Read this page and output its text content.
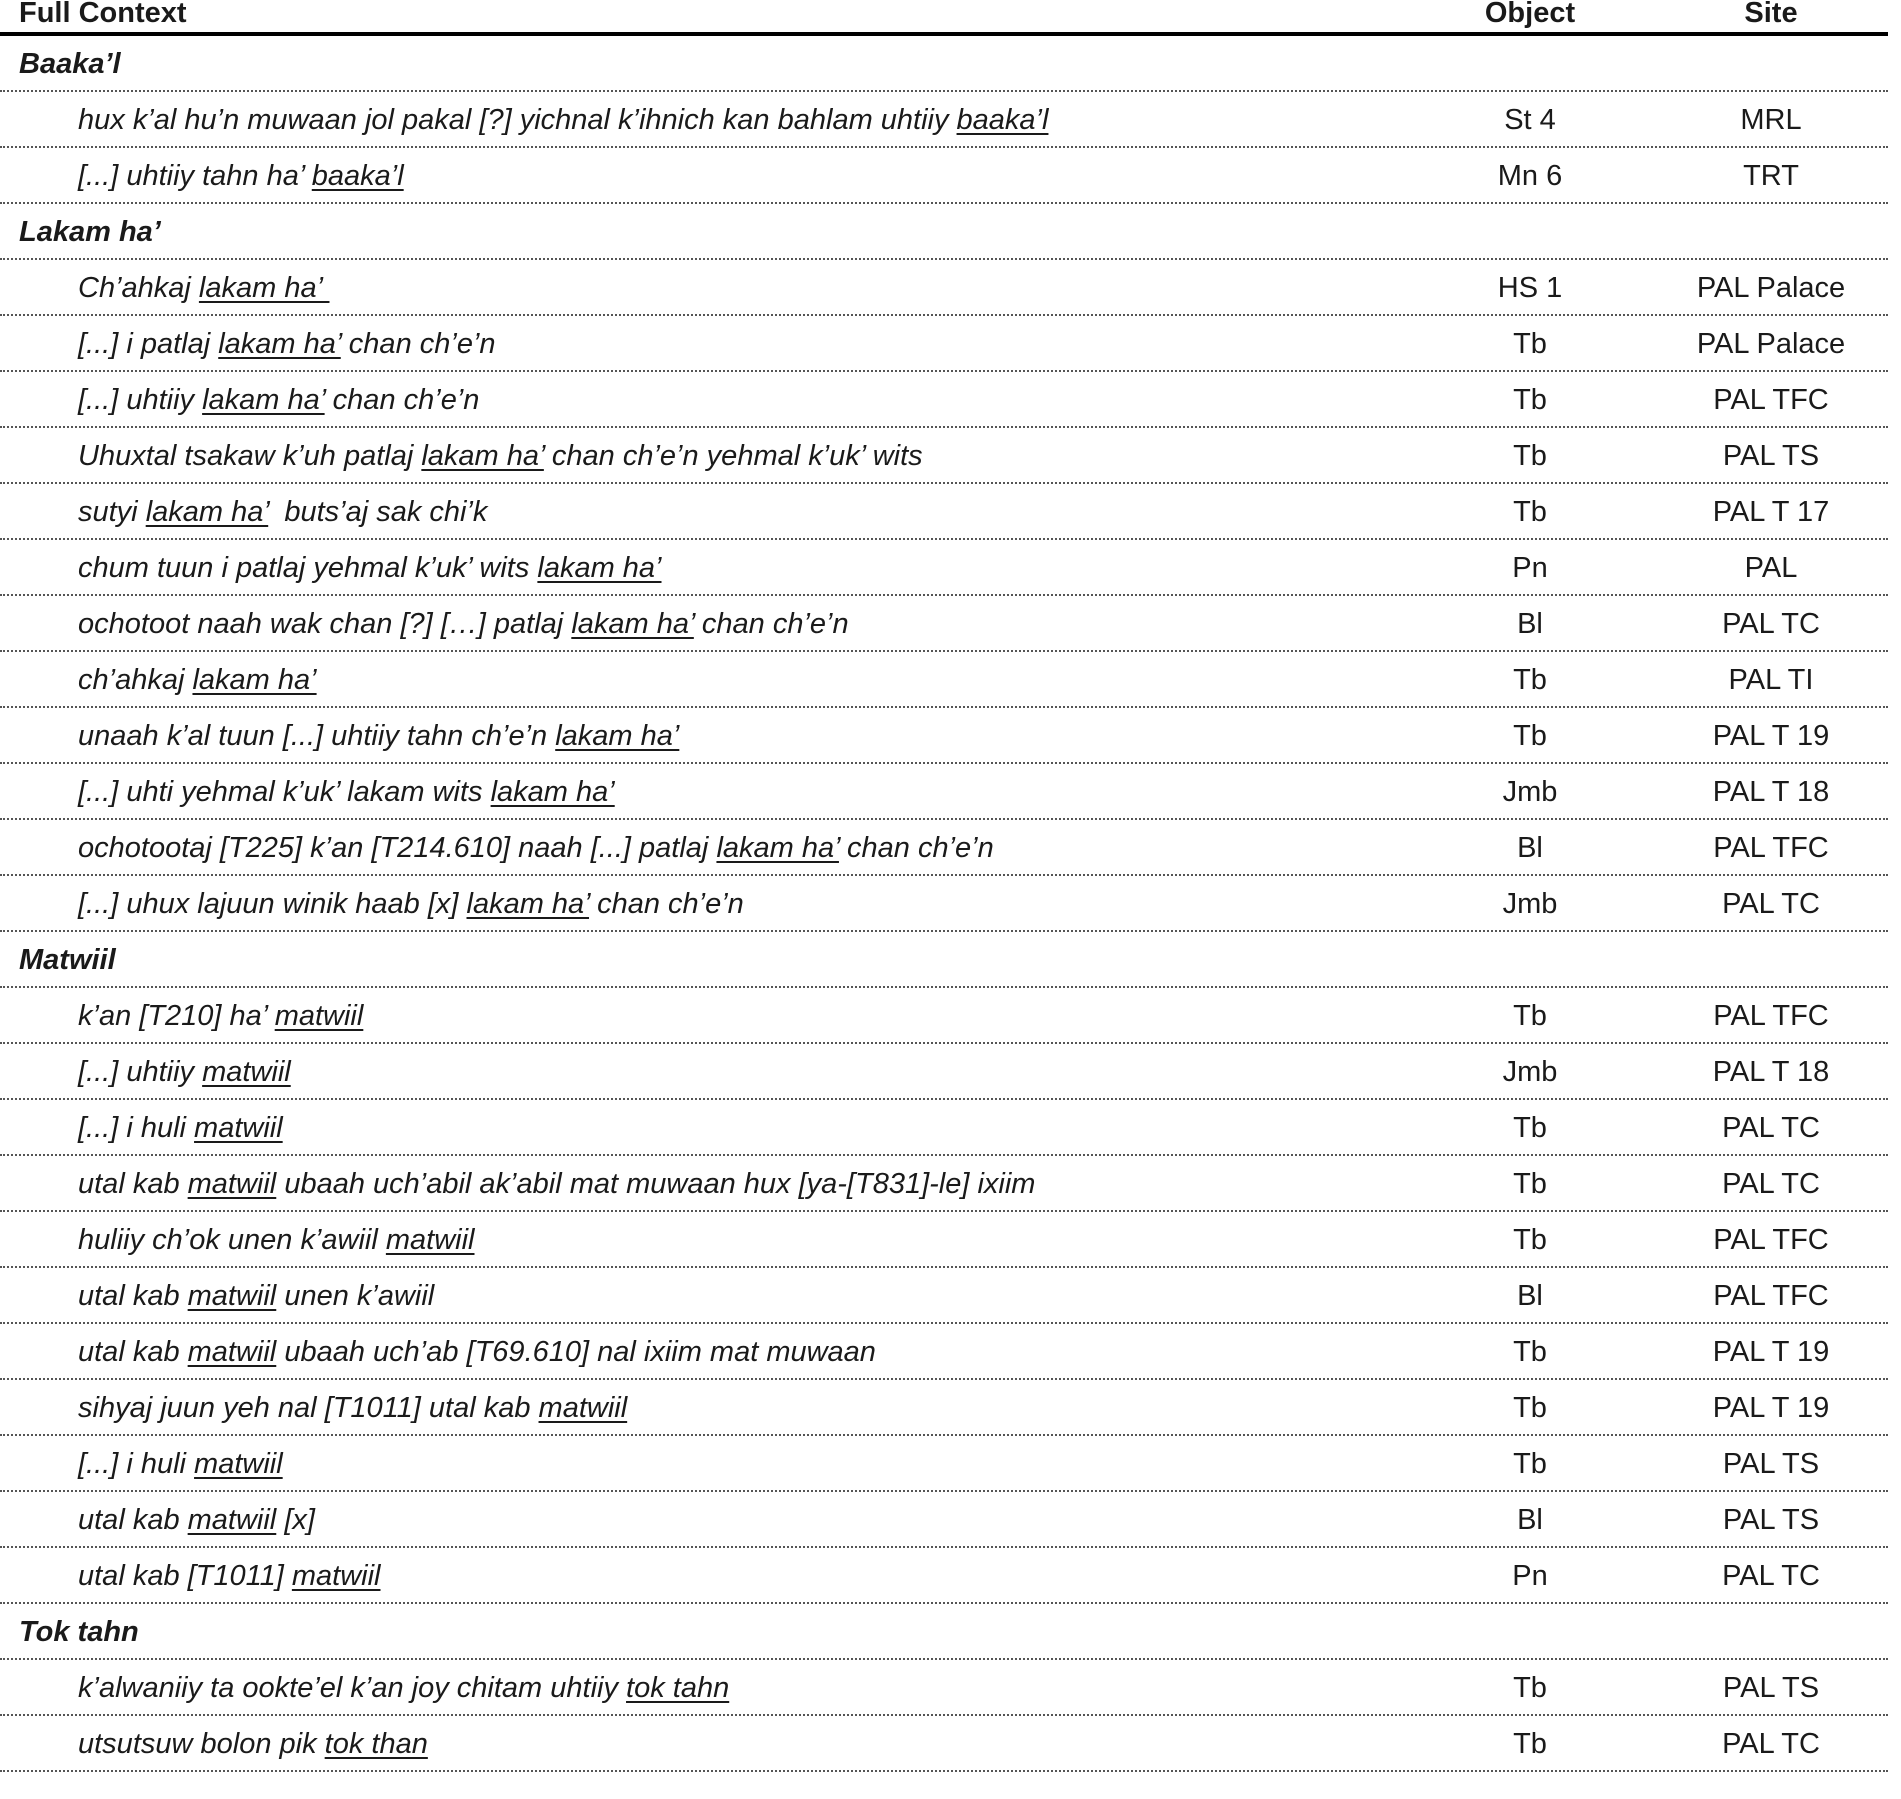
Full Context	Object	Site
Baaka’l
hux k’al hu’n muwaan jol pakal [?] yichnal k’ihnich kan bahlam uhtiiy baaka’l	St 4	MRL
[...] uhtiiy tahn ha’ baaka’l	Mn 6	TRT
Lakam ha’
Ch’ahkaj lakam ha’	HS 1	PAL Palace
[...] i patlaj lakam ha’ chan ch’e’n	Tb	PAL Palace
[...] uhtiiy lakam ha’ chan ch’e’n	Tb	PAL TFC
Uhuxtal tsakaw k’uh patlaj lakam ha’ chan ch’e’n yehmal k’uk’ wits	Tb	PAL TS
sutyi lakam ha’  buts’aj sak chi’k	Tb	PAL T 17
chum tuun i patlaj yehmal k’uk’ wits lakam ha’	Pn	PAL
ochotoot naah wak chan [?] […] patlaj lakam ha’ chan ch’e’n	Bl	PAL TC
ch’ahkaj lakam ha’	Tb	PAL TI
unaah k’al tuun [...] uhtiiy tahn ch’e’n lakam ha’	Tb	PAL T 19
[...] uhti yehmal k’uk’ lakam wits lakam ha’	Jmb	PAL T 18
ochotootaj [T225] k’an [T214.610] naah [...] patlaj lakam ha’ chan ch’e’n	Bl	PAL TFC
[...] uhux lajuun winik haab [x] lakam ha’ chan ch’e’n	Jmb	PAL TC
Matwiil
k’an [T210] ha’ matwiil	Tb	PAL TFC
[...] uhtiiy matwiil	Jmb	PAL T 18
[...] i huli matwiil	Tb	PAL TC
utal kab matwiil ubaah uch’abil ak’abil mat muwaan hux [ya-[T831]-le] ixiim	Tb	PAL TC
huliiy ch’ok unen k’awiil matwiil	Tb	PAL TFC
utal kab matwiil unen k’awiil	Bl	PAL TFC
utal kab matwiil ubaah uch’ab [T69.610] nal ixiim mat muwaan	Tb	PAL T 19
sihyaj juun yeh nal [T1011] utal kab matwiil	Tb	PAL T 19
[...] i huli matwiil	Tb	PAL TS
utal kab matwiil [x]	Bl	PAL TS
utal kab [T1011] matwiil	Pn	PAL TC
Tok tahn
k’alwaniiy ta ookte’el k’an joy chitam uhtiiy tok tahn	Tb	PAL TS
utsutsuw bolon pik tok than	Tb	PAL TC
